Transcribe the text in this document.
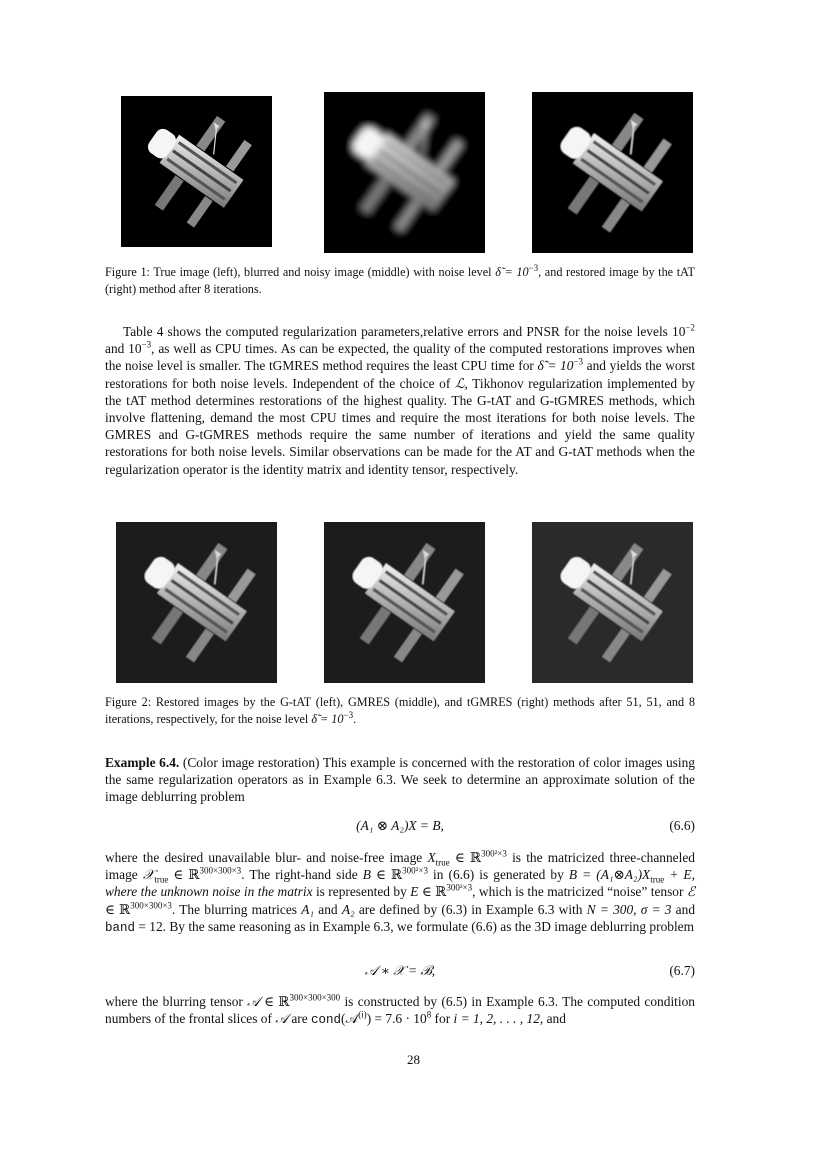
Figure 1: True image (left), blurred and noisy image (middle) with noise level δ̃ = $10^{-3}$, and restored image by the tAT (right) method after 8 iterations.

Table 4 shows the computed regularization parameters,relative errors and PNSR for the noise levels $10^{-2}$ and $10^{-3}$, as well as CPU times. As can be expected, the quality of the computed restorations improves when the noise level is smaller. The tGMRES method requires the least CPU time for δ̃ = $10^{-3}$ and yields the worst restorations for both noise levels. Independent of the choice of ℒ, Tikhonov regularization implemented by the tAT method determines restorations of the highest quality. The G-tAT and G-tGMRES methods, which involve flattening, demand the most CPU times and require the most iterations for both noise levels. The GMRES and G-tGMRES methods require the same number of iterations and yield the same quality restorations for both noise levels. Similar observations can be made for the AT and G-tAT methods when the regularization operator is the identity matrix and identity tensor, respectively.

Figure 2: Restored images by the G-tAT (left), GMRES (middle), and tGMRES (right) methods after 51, 51, and 8 iterations, respectively, for the noise level δ̃ = $10^{-3}$.

Example 6.4. (Color image restoration) This example is concerned with the restoration of color images using the same regularization operators as in Example 6.3. We seek to determine an approximate solution of the image deblurring problem

(A₁ ⊗ A₂)X = B,	(6.6)

where the desired unavailable blur- and noise-free image $X_{true}$ ∈ ℝ$^{300^2\times 3}$ is the matricized three-channeled image 𝒳$_{true}$ ∈ ℝ$^{300\times 300\times 3}$. The right-hand side B ∈ ℝ$^{300^2\times 3}$ in (6.6) is generated by $B = (A_1\otimes A_2)X_{true} + E$, where the unknown noise in the matrix is represented by E ∈ ℝ$^{300^2\times 3}$, which is the matricized “noise” tensor ℰ ∈ ℝ$^{300\times 300\times 3}$. The blurring matrices A₁ and A₂ are defined by (6.3) in Example 6.3 with N = 300, σ = 3 and band = 12. By the same reasoning as in Example 6.3, we formulate (6.6) as the 3D image deblurring problem

𝒜 ∗ 𝒳 = ℬ,	(6.7)

where the blurring tensor 𝒜 ∈ ℝ$^{300\times 300\times 300}$ is constructed by (6.5) in Example 6.3. The computed condition numbers of the frontal slices of 𝒜 are cond(𝒜$^{(i)}$) = $7.6 \cdot 10^8$ for i = 1, 2, . . . , 12, and

28
